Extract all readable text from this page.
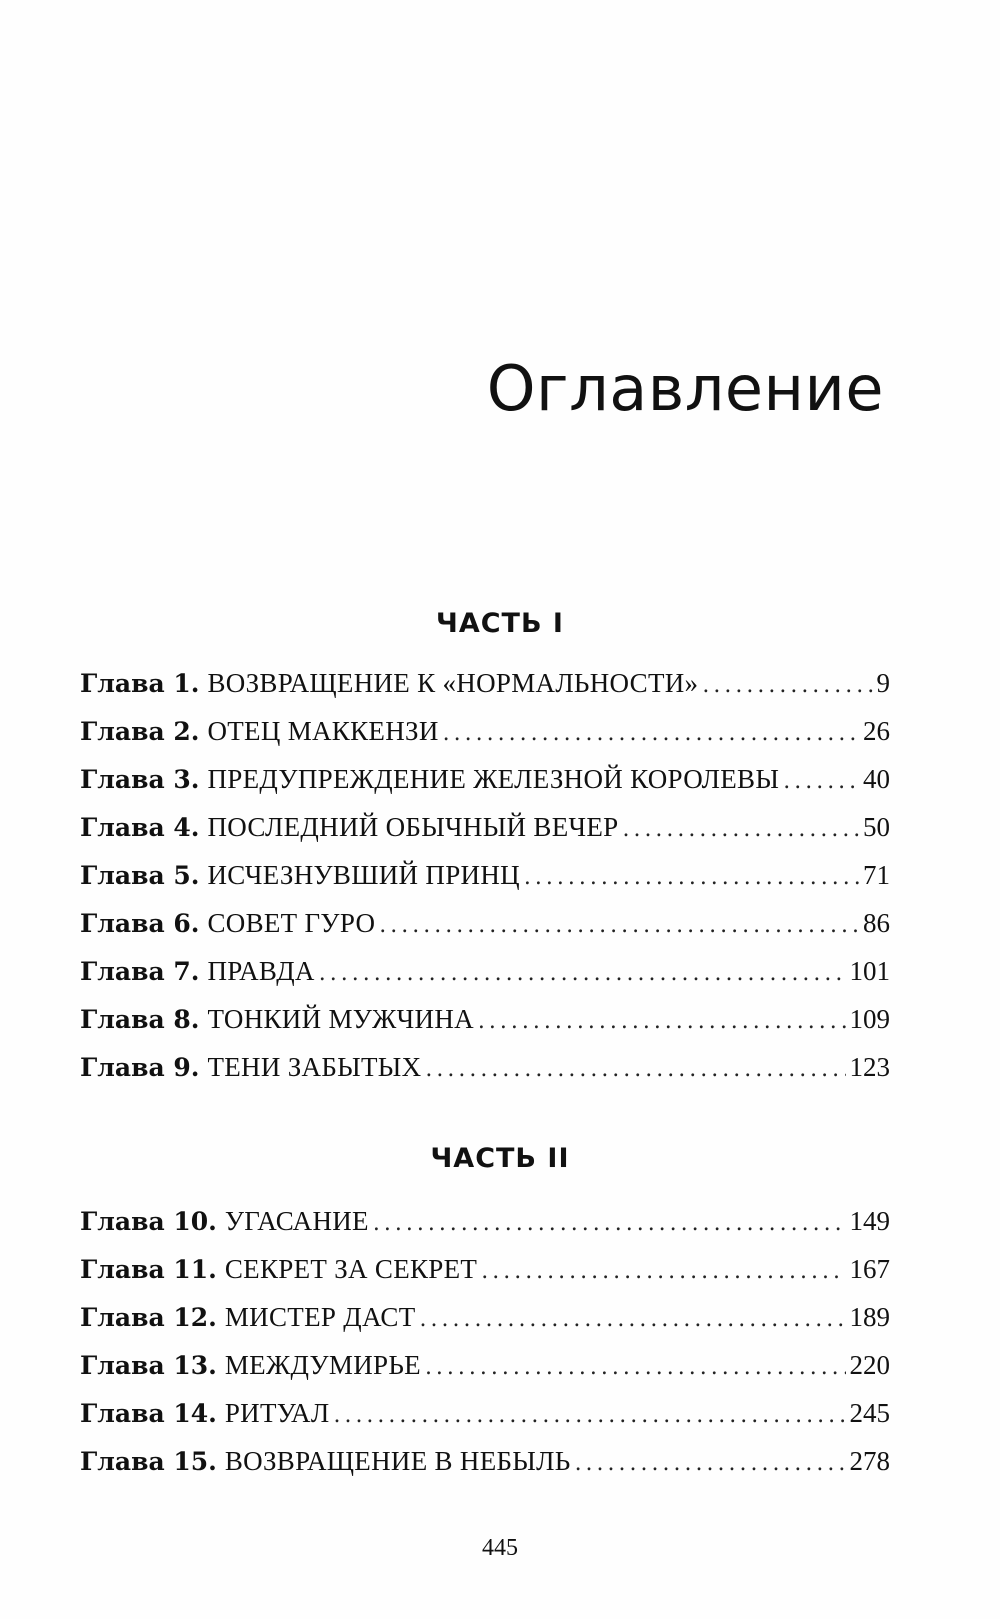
Оглавление
ЧАСТЬ I
Глава 1. ВОЗВРАЩЕНИЕ К «НОРМАЛЬНОСТИ» .....	9
Глава 2. ОТЕЦ МАККЕНЗИ .....	26
Глава 3. ПРЕДУПРЕЖДЕНИЕ ЖЕЛЕЗНОЙ КОРОЛЕВЫ .....	40
Глава 4. ПОСЛЕДНИЙ ОБЫЧНЫЙ ВЕЧЕР .....	50
Глава 5. ИСЧЕЗНУВШИЙ ПРИНЦ .....	71
Глава 6. СОВЕТ ГУРО .....	86
Глава 7. ПРАВДА .....	101
Глава 8. ТОНКИЙ МУЖЧИНА .....	109
Глава 9. ТЕНИ ЗАБЫТЫХ .....	123
ЧАСТЬ II
Глава 10. УГАСАНИЕ .....	149
Глава 11. СЕКРЕТ ЗА СЕКРЕТ .....	167
Глава 12. МИСТЕР ДАСТ .....	189
Глава 13. МЕЖДУМИРЬЕ .....	220
Глава 14. РИТУАЛ .....	245
Глава 15. ВОЗВРАЩЕНИЕ В НЕБЫЛЬ .....	278
445
